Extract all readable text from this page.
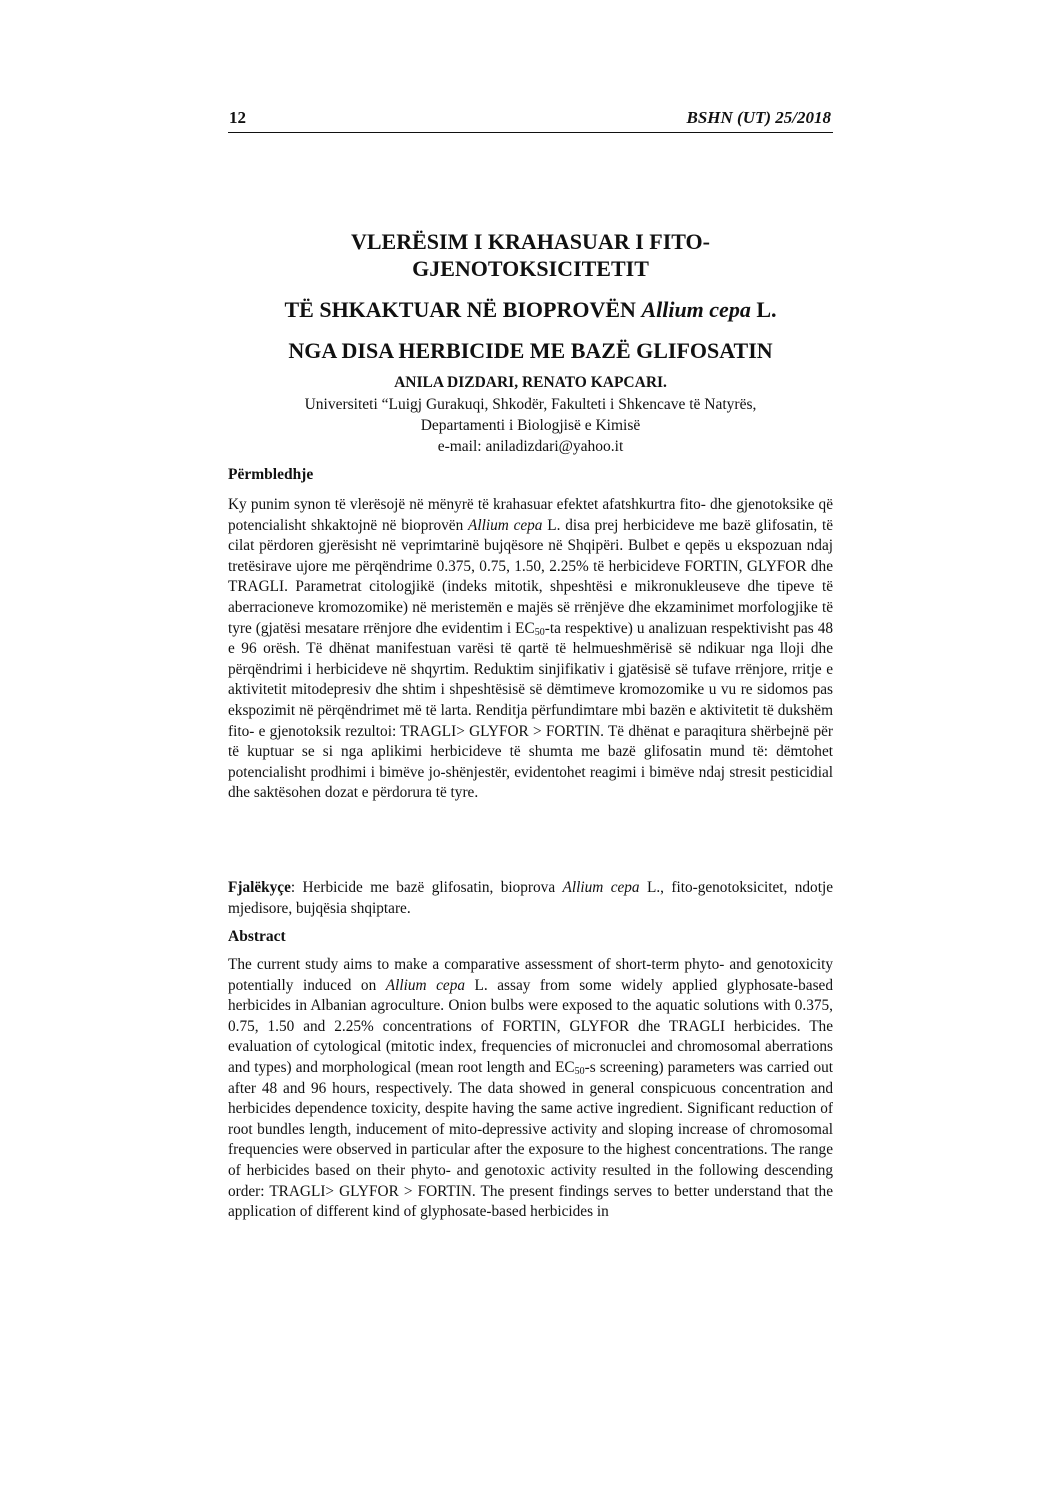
12	BSHN (UT) 25/2018
VLERËSIM I KRAHASUAR I FITO-
GJENOTOKSICITETIT
TË SHKAKTUAR NË BIOPROVËN Allium cepa L.
NGA DISA HERBICIDE ME BAZË GLIFOSATIN
ANILA DIZDARI, RENATO KAPCARI.
Universiteti “Luigj Gurakuqi, Shkodër, Fakulteti i Shkencave të Natyrës,
Departamenti i Biologjisë e Kimisë
e-mail: aniladizdari@yahoo.it
Përmbledhje
Ky punim synon të vlerësojë në mënyrë të krahasuar efektet afatshkurtra fito- dhe gjenotoksike që potencialisht shkaktojnë në bioprovën Allium cepa L. disa prej herbicideve me bazë glifosatin, të cilat përdoren gjerësisht në veprimtarinë bujqësore në Shqipëri. Bulbet e qepës u ekspozuan ndaj tretësirave ujore me përqëndrime 0.375, 0.75, 1.50, 2.25% të herbicideve FORTIN, GLYFOR dhe TRAGLI. Parametrat citologjikë (indeks mitotik, shpeshtësi e mikronukleuseve dhe tipeve të aberracioneve kromozomike) në meristemën e majës së rrënjëve dhe ekzaminimet morfologjike të tyre (gjatësi mesatare rrënjore dhe evidentim i $EC_{50}-ta$ respektive) u analizuan respektivisht pas 48 e 96 orësh. Të dhënat manifestuan varësi të qartë të helmueshmërisë së ndikuar nga lloji dhe përqëndrimi i herbicideve në shqyrtim. Reduktim sinjifikativ i gjatësisë së tufave rrënjore, rritje e aktivitetit mitodepresiv dhe shtim i shpeshtësisë së dëmtimeve kromozomike u vu re sidomos pas ekspozimit në përqëndrimet më të larta. Renditja përfundimtare mbi bazën e aktivitetit të dukshëm fito- e gjenotoksik rezultoi: TRAGLI> GLYFOR > FORTIN. Të dhënat e paraqitura shërbejnë për të kuptuar se si nga aplikimi herbicideve të shumta me bazë glifosatin mund të: dëmtohet potencialisht prodhimi i bimëve jo-shënjestër, evidentohet reagimi i bimëve ndaj stresit pesticidial dhe saktësohen dozat e përdorura të tyre.
Fjalëkyçe: Herbicide me bazë glifosatin, bioprova Allium cepa L., fito-genotoksicitet, ndotje mjedisore, bujqësia shqiptare.
Abstract
The current study aims to make a comparative assessment of short-term phyto- and genotoxicity potentially induced on Allium cepa L. assay from some widely applied glyphosate-based herbicides in Albanian agroculture. Onion bulbs were exposed to the aquatic solutions with 0.375, 0.75, 1.50 and 2.25% concentrations of FORTIN, GLYFOR dhe TRAGLI herbicides. The evaluation of cytological (mitotic index, frequencies of micronuclei and chromosomal aberrations and types) and morphological (mean root length and $EC_{50}-s$ screening) parameters was carried out after 48 and 96 hours, respectively. The data showed in general conspicuous concentration and herbicides dependence toxicity, despite having the same active ingredient. Significant reduction of root bundles length, inducement of mito-depressive activity and sloping increase of chromosomal frequencies were observed in particular after the exposure to the highest concentrations. The range of herbicides based on their phyto- and genotoxic activity resulted in the following descending order: TRAGLI> GLYFOR > FORTIN. The present findings serves to better understand that the application of different kind of glyphosate-based herbicides in
